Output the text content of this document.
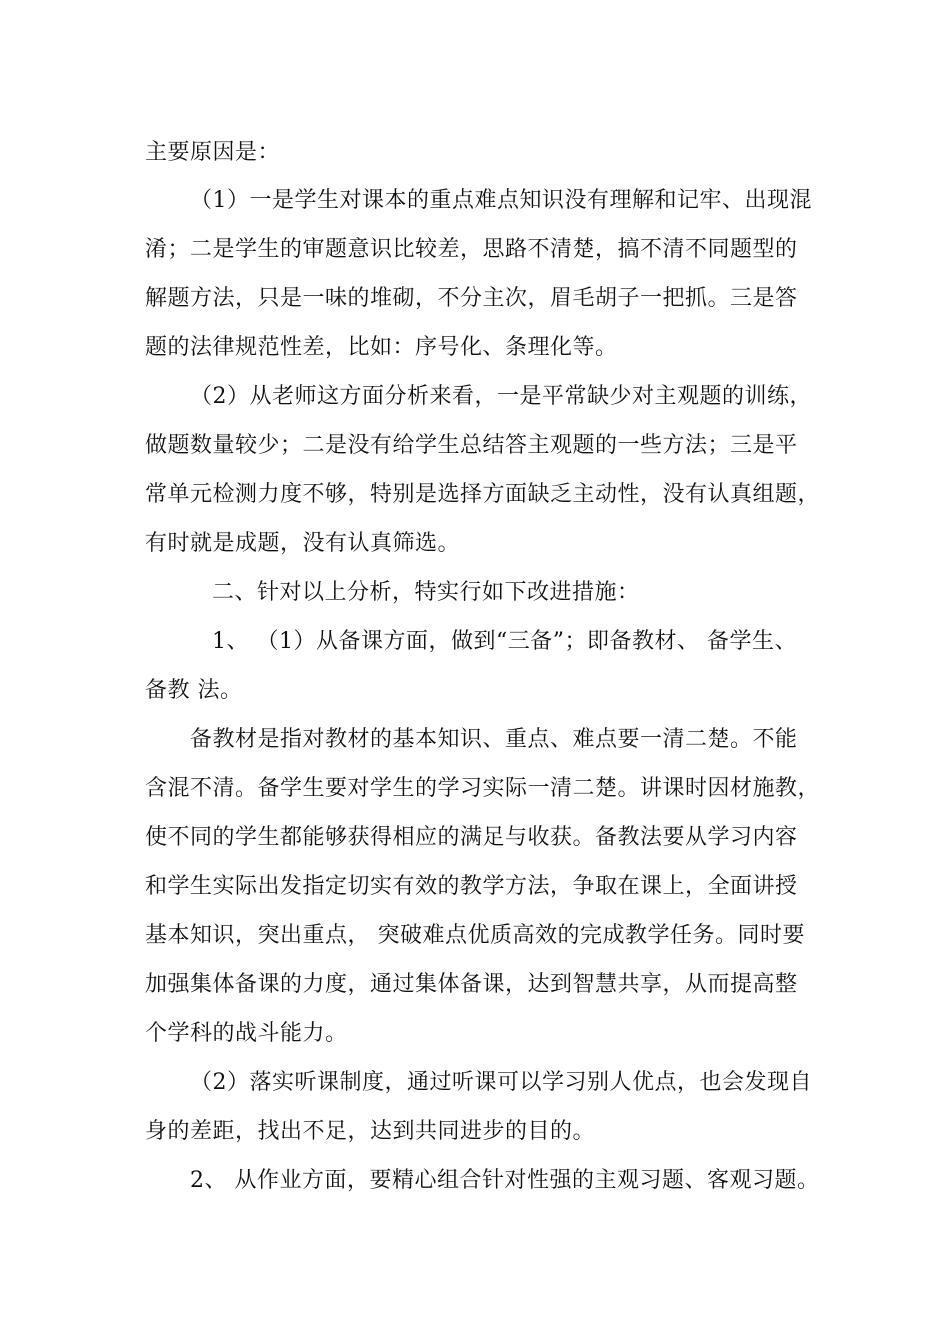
主要原因是：
（1）一是学生对课本的重点难点知识没有理解和记牢、出现混
淆；二是学生的审题意识比较差，思路不清楚，搞不清不同题型的
解题方法，只是一味的堆砌，不分主次，眉毛胡子一把抓。三是答
题的法律规范性差，比如：序号化、条理化等。
（2）从老师这方面分析来看，一是平常缺少对主观题的训练，
做题数量较少；二是没有给学生总结答主观题的一些方法；三是平
常单元检测力度不够，特别是选择方面缺乏主动性，没有认真组题，
有时就是成题，没有认真筛选。
二、针对以上分析，特实行如下改进措施：
1、 （1）从备课方面，做到“三备”；即备教材、 备学生、
备教 法。
备教材是指对教材的基本知识、重点、难点要一清二楚。不能
含混不清。备学生要对学生的学习实际一清二楚。讲课时因材施教，
使不同的学生都能够获得相应的满足与收获。备教法要从学习内容
和学生实际出发指定切实有效的教学方法，争取在课上，全面讲授
基本知识，突出重点， 突破难点优质高效的完成教学任务。同时要
加强集体备课的力度，通过集体备课，达到智慧共享，从而提高整
个学科的战斗能力。
（2）落实听课制度，通过听课可以学习别人优点，也会发现自
身的差距，找出不足，达到共同进步的目的。
2、 从作业方面，要精心组合针对性强的主观习题、客观习题。
